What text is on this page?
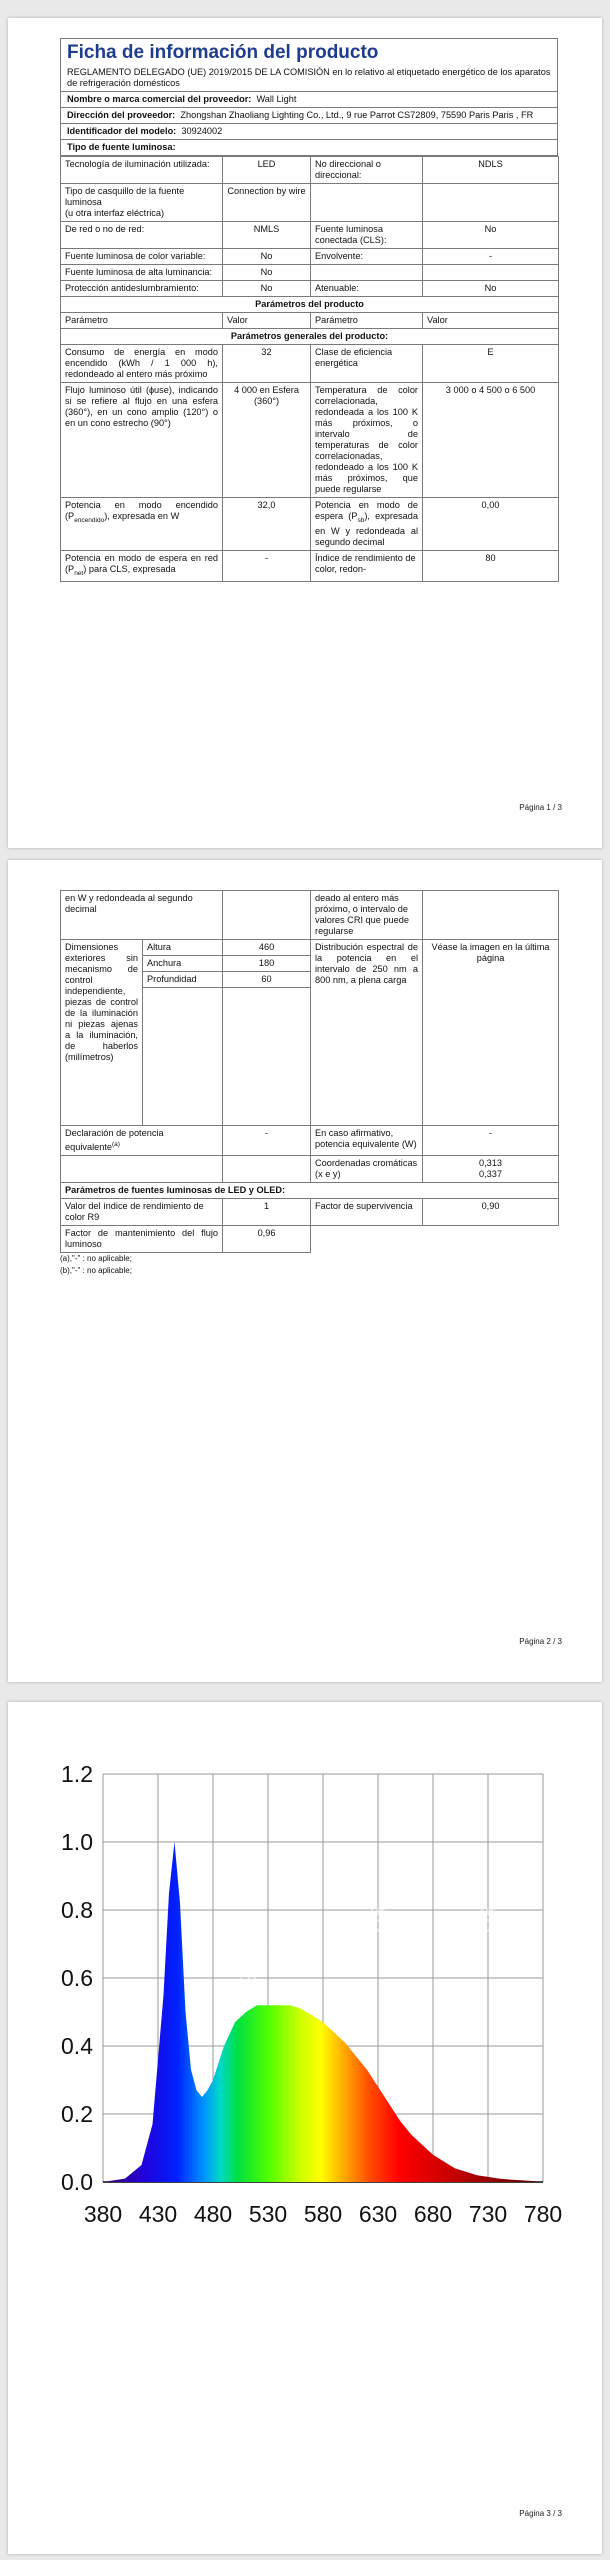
Ficha de información del producto
REGLAMENTO DELEGADO (UE) 2019/2015 DE LA COMISIÓN en lo relativo al etiquetado energético de los aparatos de refrigeración domésticos
Nombre o marca comercial del proveedor: Wall Light
Dirección del proveedor: Zhongshan Zhaoliang Lighting Co., Ltd., 9 rue Parrot CS72809, 75590 Paris Paris , FR
Identificador del modelo: 30924002
Tipo de fuente luminosa:
Tecnología de iluminación utilizada:	LED	No direccional o direccional:	NDLS
Tipo de casquillo de la fuente luminosa
(u otra interfaz eléctrica)	Connection by wire		
De red o no de red:	NMLS	Fuente luminosa conectada (CLS):	No
Fuente luminosa de color variable:	No	Envolvente:	-
Fuente luminosa de alta luminancia:	No		
Protección antideslumbramiento:	No	Atenuable:	No
Parámetros del producto			
Parámetro	Valor	Parámetro	Valor
Parámetros generales del producto:			
Consumo de energía en modo encendido (kWh / 1 000 h), redondeado al entero más próximo	32	Clase de eficiencia energética	E
Flujo luminoso útil (ɸuse), indicando si se refiere al flujo en una esfera (360°), en un cono amplio (120°) o en un cono estrecho (90°)	4 000 en Esfera (360°)	Temperatura de color correlacionada, redondeada a los 100 K más próximos, o intervalo de temperaturas de color correlacionadas, redondeado a los 100 K más próximos, que puede regularse	3 000 o 4 500 o 6 500
Potencia en modo encendido $(P_{encendido})$, expresada en W	32,0	Potencia en modo de espera $(P_{sb})$, expresada en W y redondeada al segundo decimal	0,00
Potencia en modo de espera en red $(P_{net})$ para CLS, expresada	-	Índice de rendimiento de color, redon-	80
Página 1 / 3
en W y redondeada al segundo decimal			deado al entero más próximo, o intervalo de valores CRI que puede regularse	
Dimensiones exteriores sin mecanismo de control independiente, piezas de control de la iluminación ni piezas ajenas a la iluminación, de haberlos (milímetros)	Altura	460	Distribución espectral de la potencia en el intervalo de 250 nm a 800 nm, a plena carga	Véase la imagen en la última página
	Anchura	180		
	Profundidad	60		

Declaración de potencia equivalente$^{(a)}$		-	En caso afirmativo, potencia equivalente (W)	-
			Coordenadas cromáticas (x e y)	0,313
0,337
Parámetros de fuentes luminosas de LED y OLED:				
Valor del índice de rendimiento de color R9		1	Factor de supervivencia	0,90
Factor de mantenimiento del flujo luminoso		0,96		
(a),"-" : no aplicable;
(b),"-" : no aplicable;
Página 2 / 3
TSGK
TSGK	TSGK
0.0
0.2
0.4
0.6
0.8
1.0
1.2
380 430 480 530 580 630 680 730 780
Página 3 / 3
